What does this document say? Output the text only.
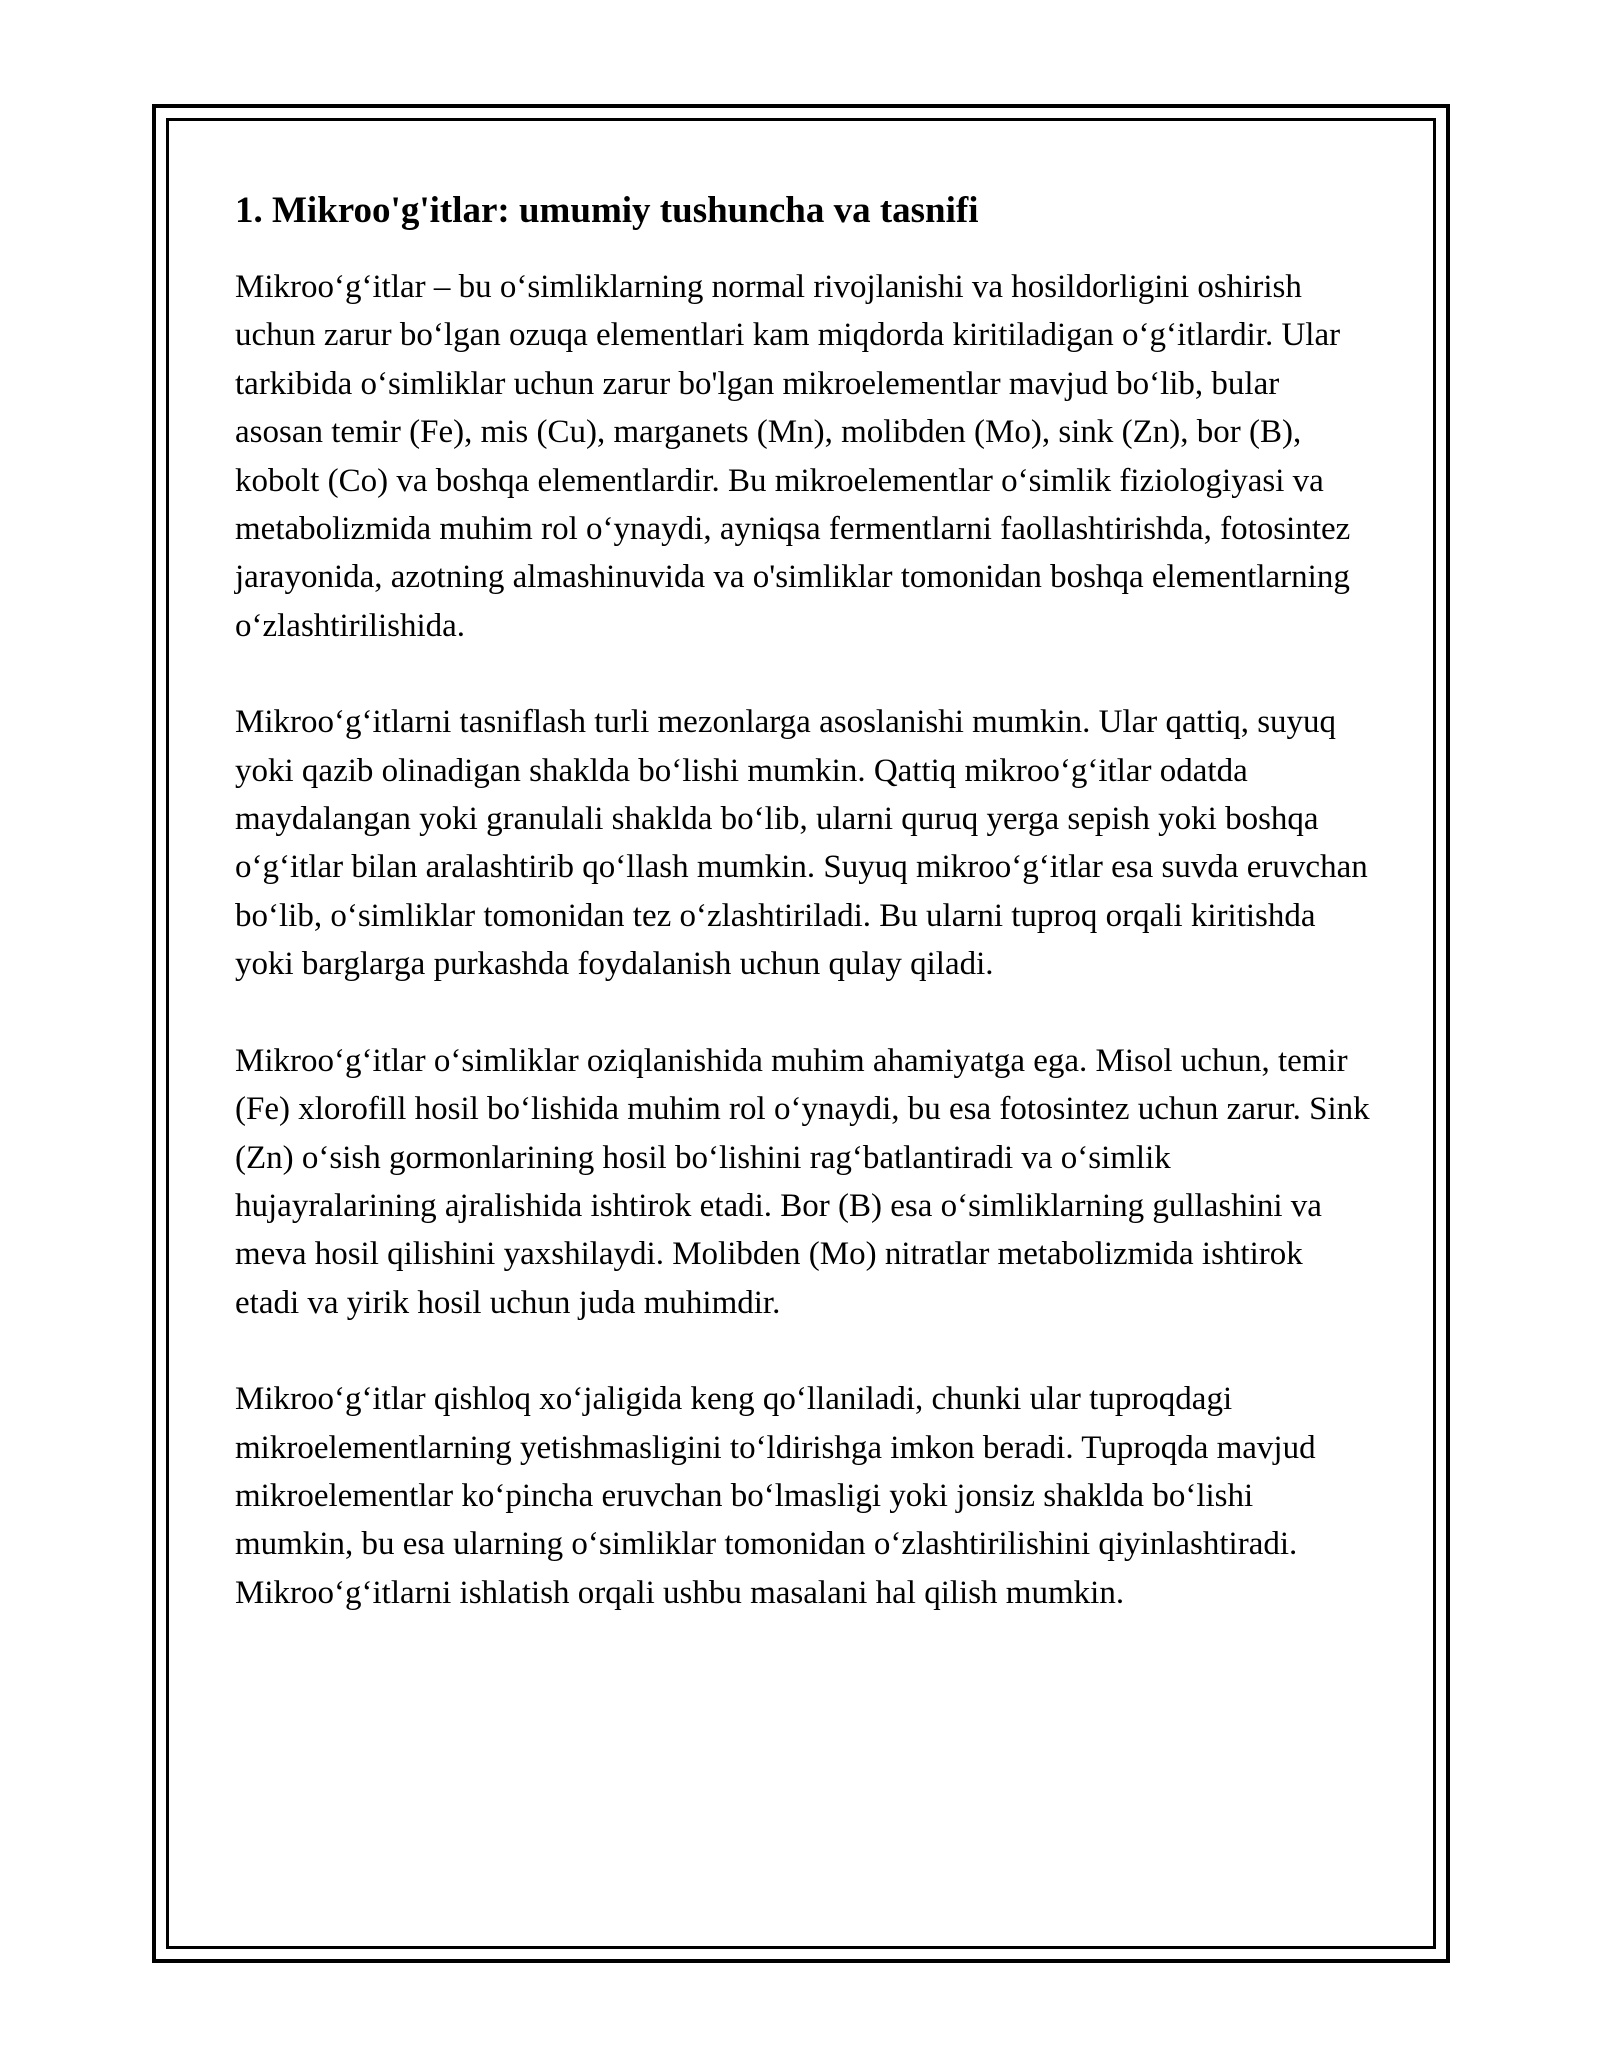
1. Mikroo'g'itlar: umumiy tushuncha va tasnifi

Mikroo‘g‘itlar – bu o‘simliklarning normal rivojlanishi va hosildorligini oshirish uchun zarur bo‘lgan ozuqa elementlari kam miqdorda kiritiladigan o‘g‘itlardir. Ular tarkibida o‘simliklar uchun zarur bo'lgan mikroelementlar mavjud bo‘lib, bular asosan temir (Fe), mis (Cu), marganets (Mn), molibden (Mo), sink (Zn), bor (B), kobolt (Co) va boshqa elementlardir. Bu mikroelementlar o‘simlik fiziologiyasi va metabolizmida muhim rol o‘ynaydi, ayniqsa fermentlarni faollashtirishda, fotosintez jarayonida, azotning almashinuvida va o'simliklar tomonidan boshqa elementlarning o‘zlashtirilishida.

Mikroo‘g‘itlarni tasniflash turli mezonlarga asoslanishi mumkin. Ular qattiq, suyuq yoki qazib olinadigan shaklda bo‘lishi mumkin. Qattiq mikroo‘g‘itlar odatda maydalangan yoki granulali shaklda bo‘lib, ularni quruq yerga sepish yoki boshqa o‘g‘itlar bilan aralashtirib qo‘llash mumkin. Suyuq mikroo‘g‘itlar esa suvda eruvchan bo‘lib, o‘simliklar tomonidan tez o‘zlashtiriladi. Bu ularni tuproq orqali kiritishda yoki barglarga purkashda foydalanish uchun qulay qiladi.

Mikroo‘g‘itlar o‘simliklar oziqlanishida muhim ahamiyatga ega. Misol uchun, temir (Fe) xlorofill hosil bo‘lishida muhim rol o‘ynaydi, bu esa fotosintez uchun zarur. Sink (Zn) o‘sish gormonlarining hosil bo‘lishini rag‘batlantiradi va o‘simlik hujayralarining ajralishida ishtirok etadi. Bor (B) esa o‘simliklarning gullashini va meva hosil qilishini yaxshilaydi. Molibden (Mo) nitratlar metabolizmida ishtirok etadi va yirik hosil uchun juda muhimdir.

Mikroo‘g‘itlar qishloq xo‘jaligida keng qo‘llaniladi, chunki ular tuproqdagi mikroelementlarning yetishmasligini to‘ldirishga imkon beradi. Tuproqda mavjud mikroelementlar ko‘pincha eruvchan bo‘lmasligi yoki jonsiz shaklda bo‘lishi mumkin, bu esa ularning o‘simliklar tomonidan o‘zlashtirilishini qiyinlashtiradi. Mikroo‘g‘itlarni ishlatish orqali ushbu masalani hal qilish mumkin.
